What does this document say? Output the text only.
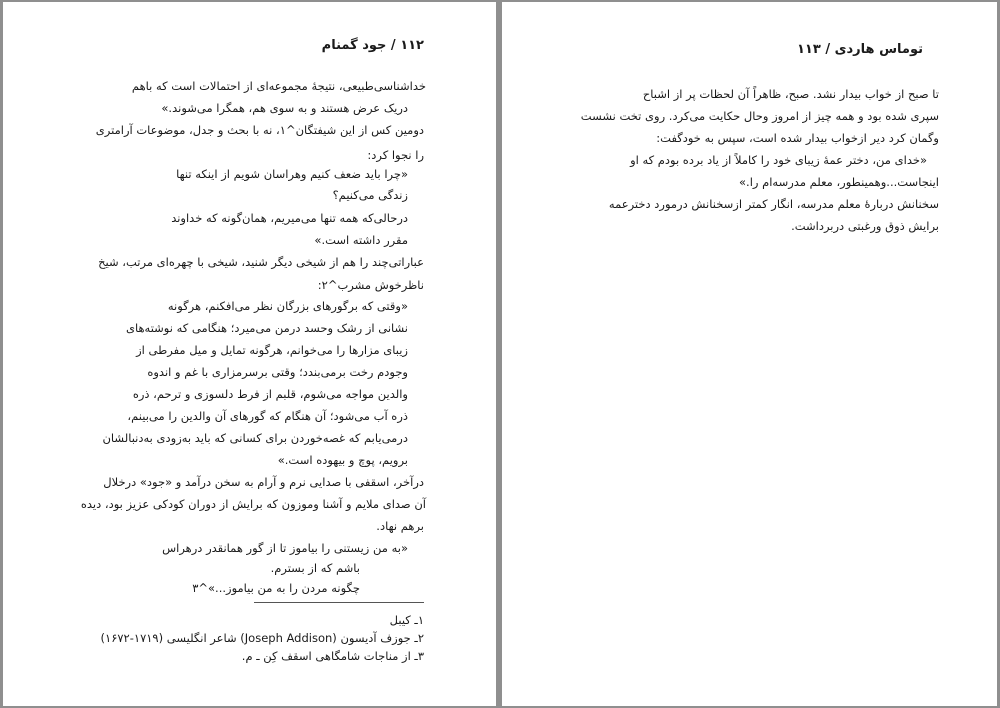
۱۱۲ / جود گمنام
خداشناسی‌طبیعی، نتیجهٔ مجموعه‌ای از احتمالات است که باهم
دریک عرض هستند و به سوی هم، همگرا می‌شوند.»
دومین کس از این شیفتگان^۱، نه با بحث و جدل، موضوعات آرامتری
را نجوا کرد:
«چرا باید ضعف کنیم وهراسان شویم از اینکه تنها
زندگی می‌کنیم؟
درحالی‌که همه تنها می‌میریم، همان‌گونه که خداوند
مقرر داشته است.»
عباراتی‌چند را هم از شیخی دیگر شنید، شیخی با چهره‌ای مرتب، شیخ
ناظرخوش مشرب^۲:
«وقتی که برگورهای بزرگان نظر می‌افکنم، هرگونه
نشانی از رشک وحسد درمن می‌میرد؛ هنگامی که نوشته‌های
زیبای مزارها را می‌خوانم، هرگونه تمایل و میل مفرطی از
وجودم رخت برمی‌بندد؛ وقتی برسرمزاری با غم و اندوه
والدین مواجه می‌شوم، قلبم از فرط دلسوزی و ترحم، ذره
ذره آب می‌شود؛ آن هنگام که گورهای آن والدین را می‌بینم،
درمی‌یابم که غصه‌خوردن برای کسانی که باید به‌زودی به‌دنبالشان
برویم، پوچ و بیهوده است.»
درآخر، اسقفی با صدایی نرم و آرام به سخن درآمد و «جود» درخلال
آن صدای ملایم و آشنا وموزون که برایش از دوران کودکی عزیز بود، دیده
برهم نهاد.
«به من زیستنی را بیاموز تا از گور همانقدر درهراس
باشم که از بسترم.
چگونه مردن را به من بیاموز...»^۳
۱ـ کیبل
۲ـ جوزف آدیسون (Joseph Addison) شاعر انگلیسی (۱۷۱۹-۱۶۷۲)
۳ـ از مناجات شامگاهی اسقف کِن ـ م.
توماس هاردی / ۱۱۳
تا صبح از خواب بیدار نشد. صبح، ظاهراً آن لحظات پر از اشباح
سپری شده بود و همه چیز از امروز وحال حکایت می‌کرد. روی تخت نشست
وگمان کرد دیر ازخواب بیدار شده است، سپس به خودگفت:
«خدای من، دختر عمهٔ زیبای خود را کاملاً از یاد برده بودم که او
اینجاست...وهمینطور، معلم مدرسه‌ام را.»
سخنانش دربارهٔ معلم مدرسه، انگار کمتر ازسخنانش درمورد دخترعمه
برایش ذوق ورغبتی دربرداشت.
